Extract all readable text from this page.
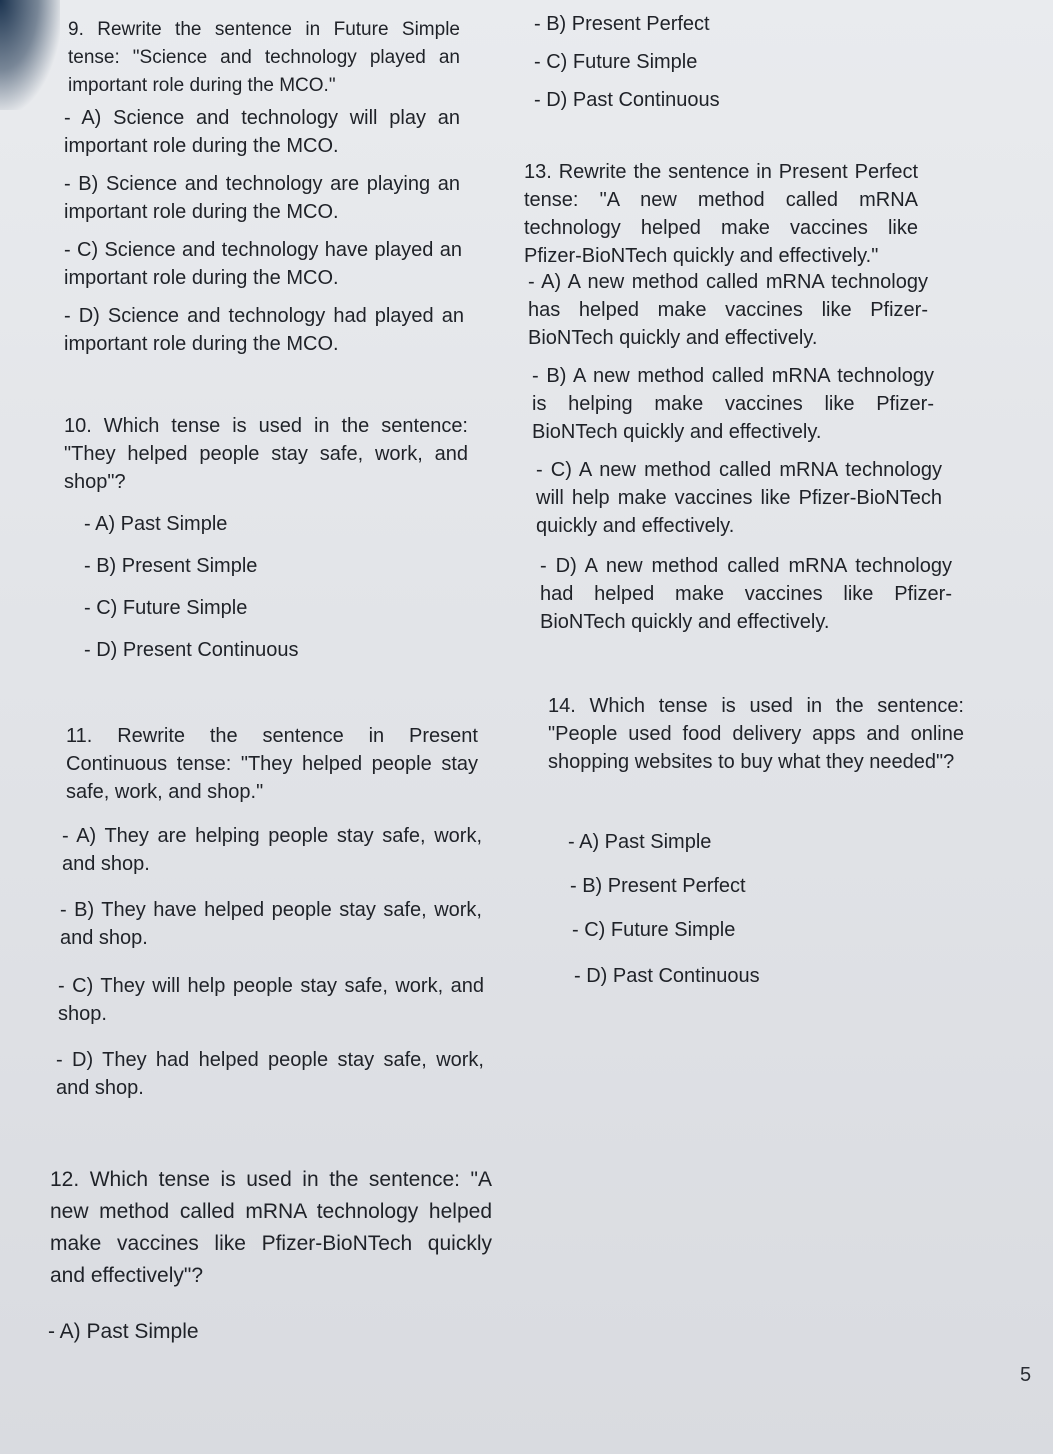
9. Rewrite the sentence in Future Simple tense: "Science and technology played an important role during the MCO."
- A) Science and technology will play an important role during the MCO.
- B) Science and technology are playing an important role during the MCO.
- C) Science and technology have played an important role during the MCO.
- D) Science and technology had played an important role during the MCO.
10. Which tense is used in the sentence: "They helped people stay safe, work, and shop"?
- A) Past Simple
- B) Present Simple
- C) Future Simple
- D) Present Continuous
11. Rewrite the sentence in Present Continuous tense: "They helped people stay safe, work, and shop."
- A) They are helping people stay safe, work, and shop.
- B) They have helped people stay safe, work, and shop.
- C) They will help people stay safe, work, and shop.
- D) They had helped people stay safe, work, and shop.
12. Which tense is used in the sentence: "A new method called mRNA technology helped make vaccines like Pfizer-BioNTech quickly and effectively"?
- A) Past Simple
- B) Present Perfect
- C) Future Simple
- D) Past Continuous
13. Rewrite the sentence in Present Perfect tense: "A new method called mRNA technology helped make vaccines like Pfizer-BioNTech quickly and effectively."
- A) A new method called mRNA technology has helped make vaccines like Pfizer-BioNTech quickly and effectively.
- B) A new method called mRNA technology is helping make vaccines like Pfizer-BioNTech quickly and effectively.
- C) A new method called mRNA technology will help make vaccines like Pfizer-BioNTech quickly and effectively.
- D) A new method called mRNA technology had helped make vaccines like Pfizer-BioNTech quickly and effectively.
14. Which tense is used in the sentence: "People used food delivery apps and online shopping websites to buy what they needed"?
- A) Past Simple
- B) Present Perfect
- C) Future Simple
- D) Past Continuous
5
